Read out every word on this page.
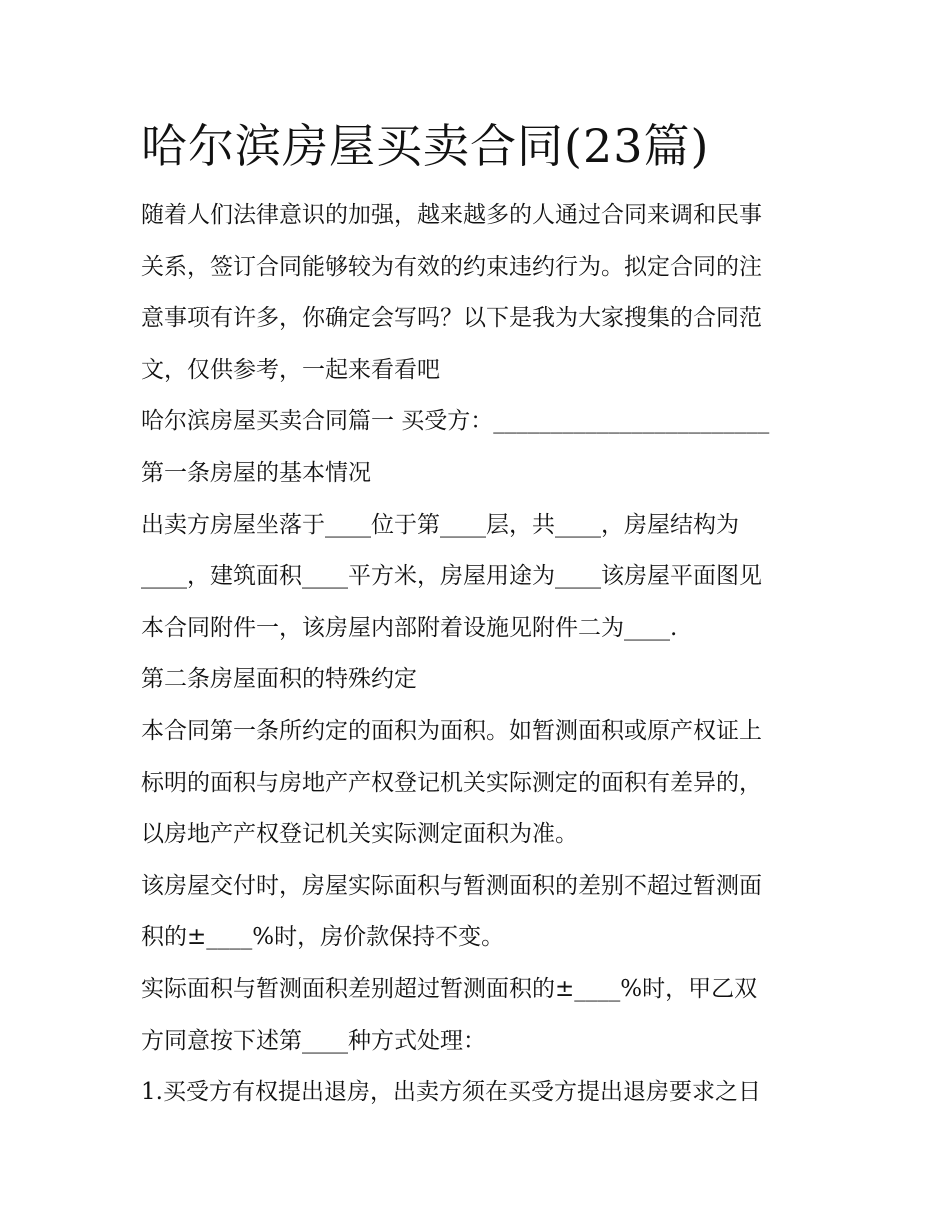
哈尔滨房屋买卖合同(23篇)

随着人们法律意识的加强，越来越多的人通过合同来调和民事

关系，签订合同能够较为有效的约束违约行为。拟定合同的注

意事项有许多，你确定会写吗？以下是我为大家搜集的合同范

文，仅供参考，一起来看看吧

哈尔滨房屋买卖合同篇一 买受方：________________________

第一条房屋的基本情况

出卖方房屋坐落于____位于第____层，共____，房屋结构为

____，建筑面积____平方米，房屋用途为____该房屋平面图见

本合同附件一，该房屋内部附着设施见附件二为____.

第二条房屋面积的特殊约定

本合同第一条所约定的面积为面积。如暂测面积或原产权证上

标明的面积与房地产产权登记机关实际测定的面积有差异的，

以房地产产权登记机关实际测定面积为准。

该房屋交付时，房屋实际面积与暂测面积的差别不超过暂测面

积的±____%时，房价款保持不变。

实际面积与暂测面积差别超过暂测面积的±____%时，甲乙双

方同意按下述第____种方式处理：

1.买受方有权提出退房，出卖方须在买受方提出退房要求之日
